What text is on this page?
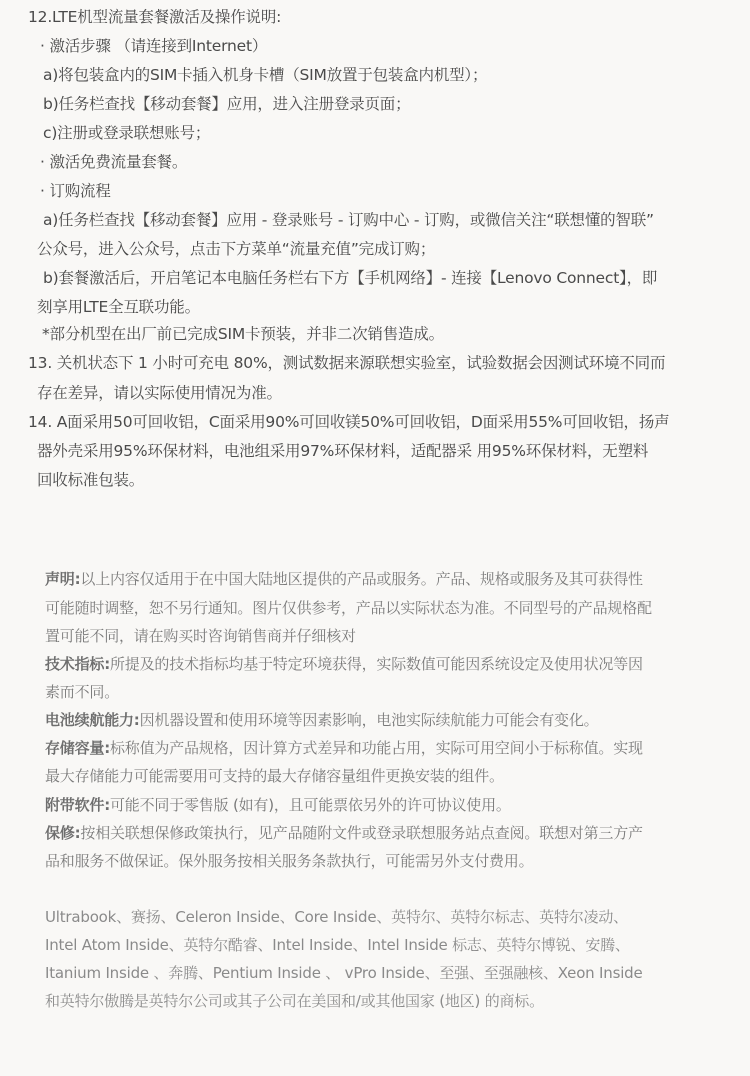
12.LTE机型流量套餐激活及操作说明:
· 激活步骤 （请连接到Internet）
a)将包装盒内的SIM卡插入机身卡槽（SIM放置于包装盒内机型）；
b)任务栏查找【移动套餐】应用，进入注册登录页面；
c)注册或登录联想账号；
· 激活免费流量套餐。
· 订购流程
a)任务栏查找【移动套餐】应用 - 登录账号 - 订购中心 - 订购，或微信关注“联想懂的智联”
公众号，进入公众号，点击下方菜单“流量充值”完成订购；
b)套餐激活后，开启笔记本电脑任务栏右下方【手机网络】- 连接【Lenovo Connect】，即
刻享用LTE全互联功能。
*部分机型在出厂前已完成SIM卡预装，并非二次销售造成。
13. 关机状态下 1 小时可充电 80%，测试数据来源联想实验室，试验数据会因测试环境不同而
存在差异，请以实际使用情况为准。
14. A面采用50可回收铝，C面采用90%可回收镁50%可回收铝，D面采用55%可回收铝，扬声
器外壳采用95%环保材料，电池组采用97%环保材料，适配器采 用95%环保材料，无塑料
回收标准包装。
声明:以上内容仅适用于在中国大陆地区提供的产品或服务。产品、规格或服务及其可获得性
可能随时调整，恕不另行通知。图片仅供参考，产品以实际状态为准。不同型号的产品规格配
置可能不同，请在购买时咨询销售商并仔细核对
技术指标:所提及的技术指标均基于特定环境获得，实际数值可能因系统设定及使用状况等因
素而不同。
电池续航能力:因机器设置和使用环境等因素影响，电池实际续航能力可能会有变化。
存储容量:标称值为产品规格，因计算方式差异和功能占用，实际可用空间小于标称值。实现
最大存储能力可能需要用可支持的最大存储容量组件更换安装的组件。
附带软件:可能不同于零售版 (如有)，且可能票依另外的许可协议使用。
保修:按相关联想保修政策执行，见产品随附文件或登录联想服务站点查阅。联想对第三方产
品和服务不做保证。保外服务按相关服务条款执行，可能需另外支付费用。
Ultrabook、赛扬、Celeron Inside、Core Inside、英特尔、英特尔标志、英特尔凌动、
Intel Atom Inside、英特尔酷睿、Intel Inside、Intel Inside 标志、英特尔博锐、安腾、
Itanium Inside 、奔腾、Pentium Inside 、 vPro Inside、至强、至强融核、Xeon Inside
和英特尔傲腾是英特尔公司或其子公司在美国和/或其他国家 (地区) 的商标。
